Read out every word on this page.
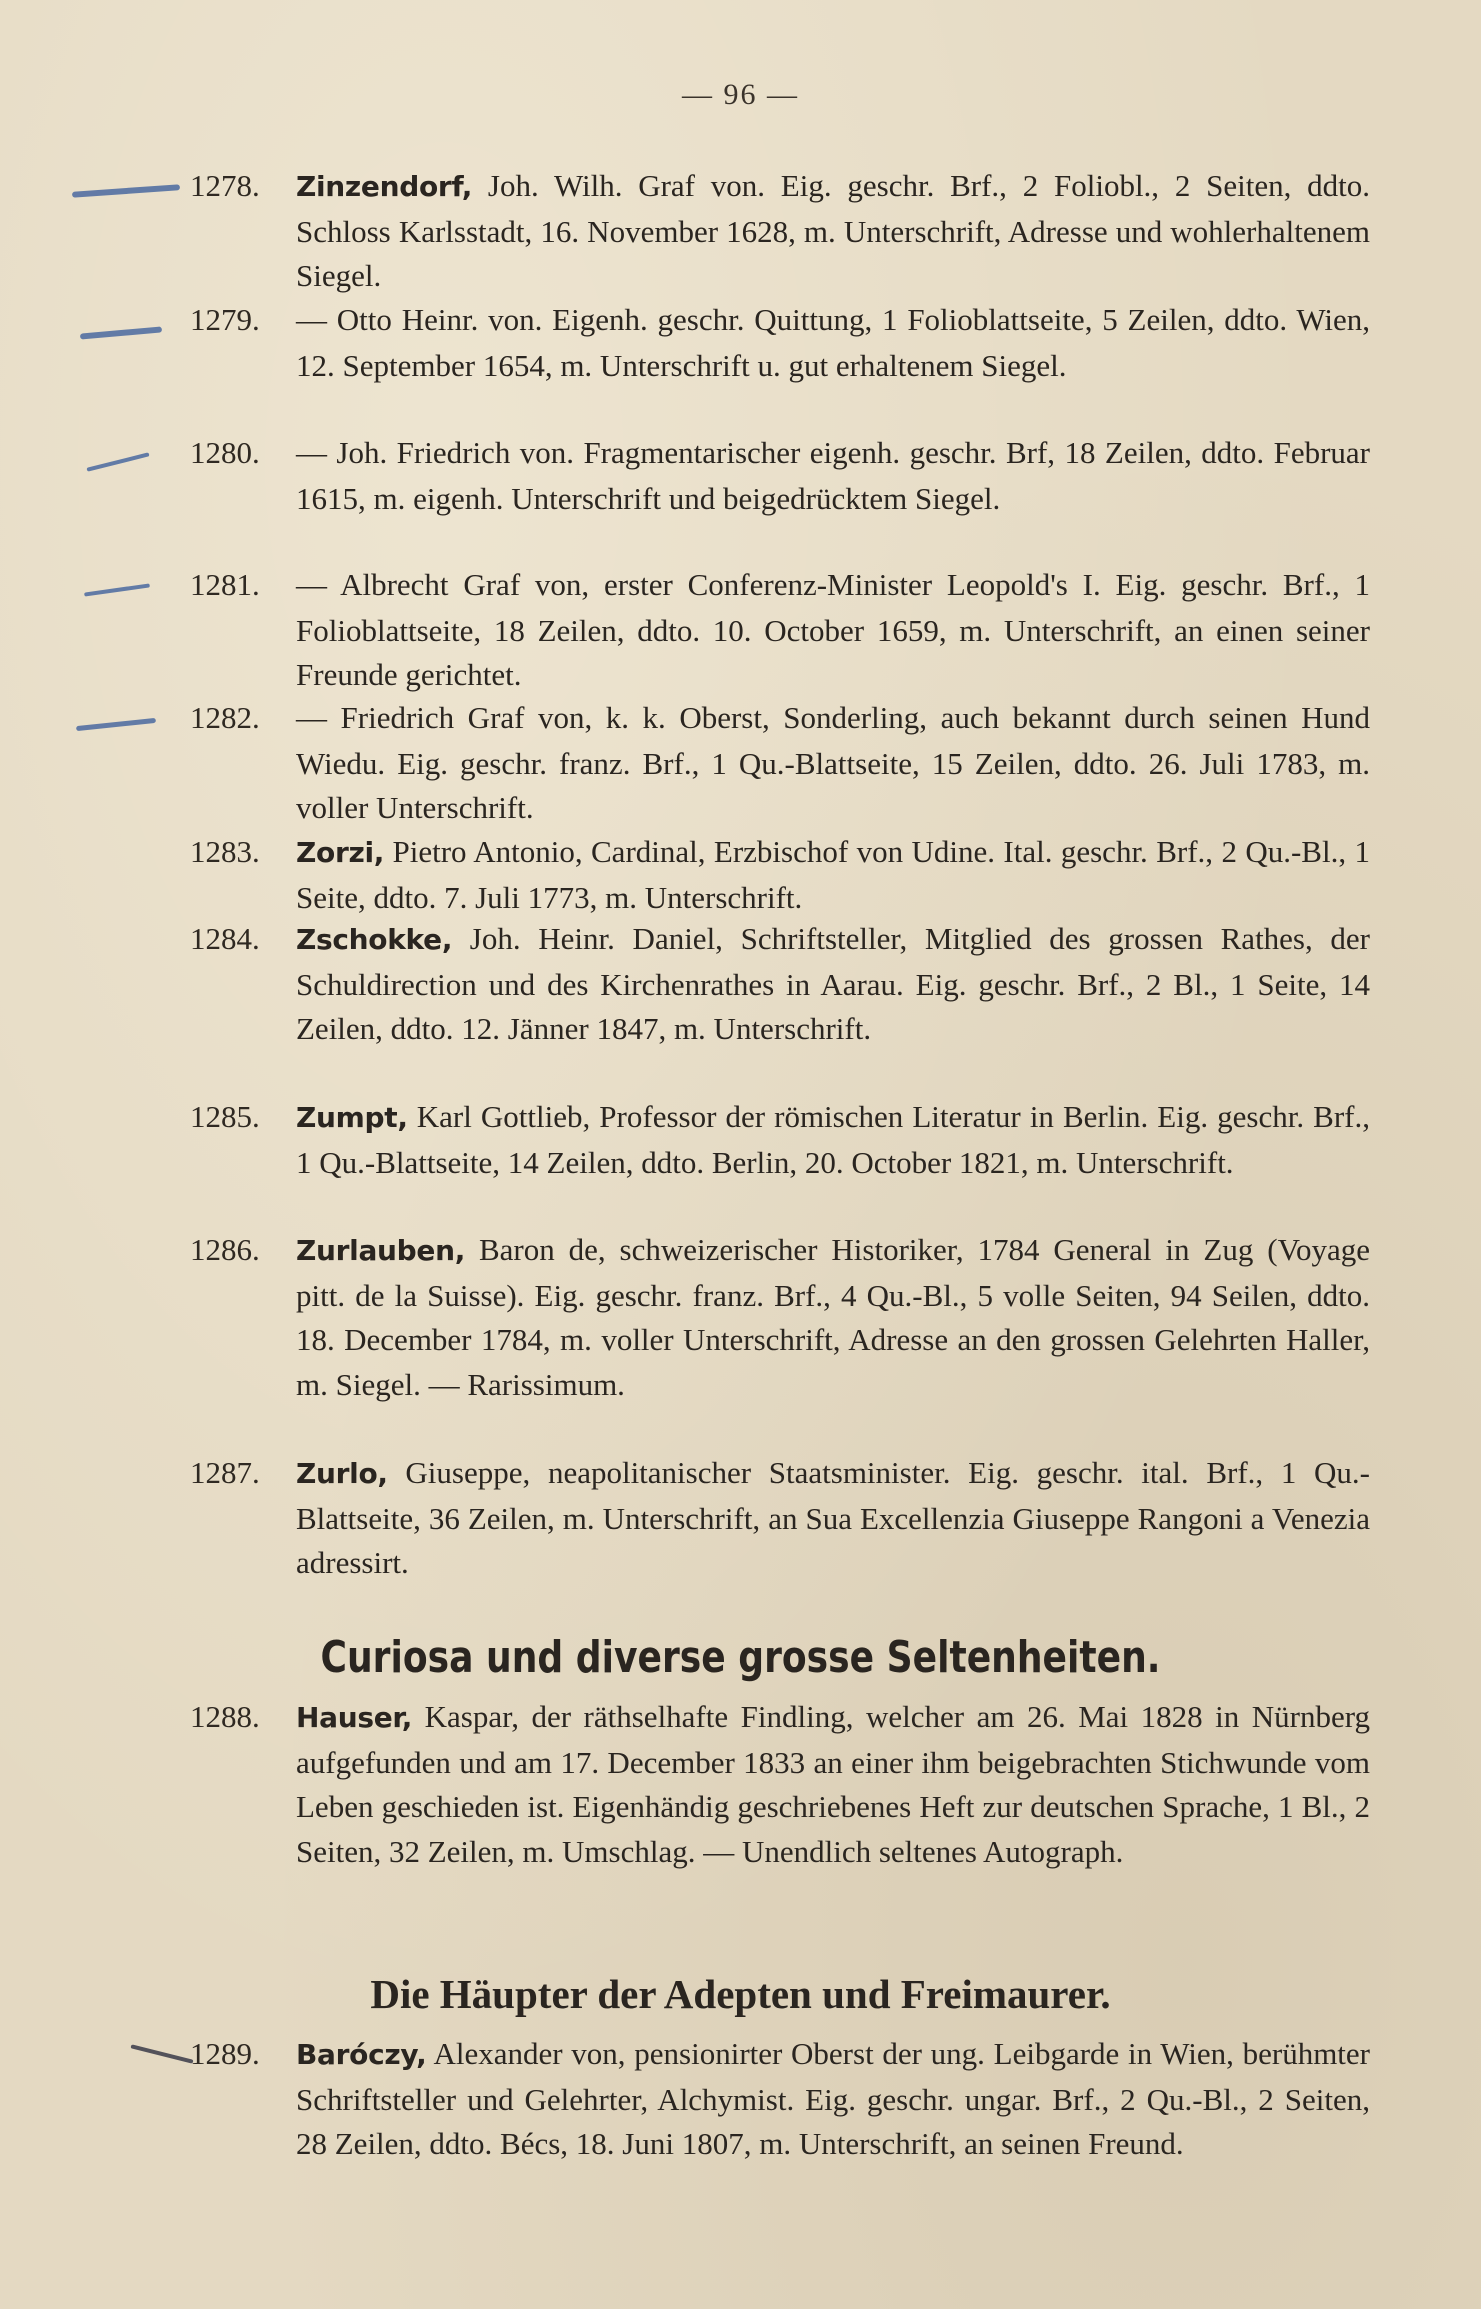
— 96 —
1278. Zinzendorf, Joh. Wilh. Graf von. Eig. geschr. Brf., 2 Foliobl., 2 Seiten, ddto. Schloss Karlsstadt, 16. November 1628, m. Unterschrift, Adresse und wohlerhaltenem Siegel.
1279. — Otto Heinr. von. Eigenh. geschr. Quittung, 1 Folioblattseite, 5 Zeilen, ddto. Wien, 12. September 1654, m. Unterschrift u. gut erhaltenem Siegel.
1280. — Joh. Friedrich von. Fragmentarischer eigenh. geschr. Brf, 18 Zeilen, ddto. Februar 1615, m. eigenh. Unterschrift und beigedrücktem Siegel.
1281. — Albrecht Graf von, erster Conferenz-Minister Leopold's I. Eig. geschr. Brf., 1 Folioblattseite, 18 Zeilen, ddto. 10. October 1659, m. Unterschrift, an einen seiner Freunde gerichtet.
1282. — Friedrich Graf von, k. k. Oberst, Sonderling, auch bekannt durch seinen Hund Wiedu. Eig. geschr. franz. Brf., 1 Qu.-Blattseite, 15 Zeilen, ddto. 26. Juli 1783, m. voller Unterschrift.
1283. Zorzi, Pietro Antonio, Cardinal, Erzbischof von Udine. Ital. geschr. Brf., 2 Qu.-Bl., 1 Seite, ddto. 7. Juli 1773, m. Unterschrift.
1284. Zschokke, Joh. Heinr. Daniel, Schriftsteller, Mitglied des grossen Rathes, der Schuldirection und des Kirchenrathes in Aarau. Eig. geschr. Brf., 2 Bl., 1 Seite, 14 Zeilen, ddto. 12. Jänner 1847, m. Unterschrift.
1285. Zumpt, Karl Gottlieb, Professor der römischen Literatur in Berlin. Eig. geschr. Brf., 1 Qu.-Blattseite, 14 Zeilen, ddto. Berlin, 20. October 1821, m. Unterschrift.
1286. Zurlauben, Baron de, schweizerischer Historiker, 1784 General in Zug (Voyage pitt. de la Suisse). Eig. geschr. franz. Brf., 4 Qu.-Bl., 5 volle Seiten, 94 Seilen, ddto. 18. December 1784, m. voller Unterschrift, Adresse an den grossen Gelehrten Haller, m. Siegel. — Rarissimum.
1287. Zurlo, Giuseppe, neapolitanischer Staatsminister. Eig. geschr. ital. Brf., 1 Qu.-Blattseite, 36 Zeilen, m. Unterschrift, an Sua Excellenzia Giuseppe Rangoni a Venezia adressirt.
Curiosa und diverse grosse Seltenheiten.
1288. Hauser, Kaspar, der räthselhafte Findling, welcher am 26. Mai 1828 in Nürnberg aufgefunden und am 17. December 1833 an einer ihm beigebrachten Stichwunde vom Leben geschieden ist. Eigenhändig geschriebenes Heft zur deutschen Sprache, 1 Bl., 2 Seiten, 32 Zeilen, m. Umschlag. — Unendlich seltenes Autograph.
Die Häupter der Adepten und Freimaurer.
1289. Baróczy, Alexander von, pensionirter Oberst der ung. Leibgarde in Wien, berühmter Schriftsteller und Gelehrter, Alchymist. Eig. geschr. ungar. Brf., 2 Qu.-Bl., 2 Seiten, 28 Zeilen, ddto. Bécs, 18. Juni 1807, m. Unterschrift, an seinen Freund.
